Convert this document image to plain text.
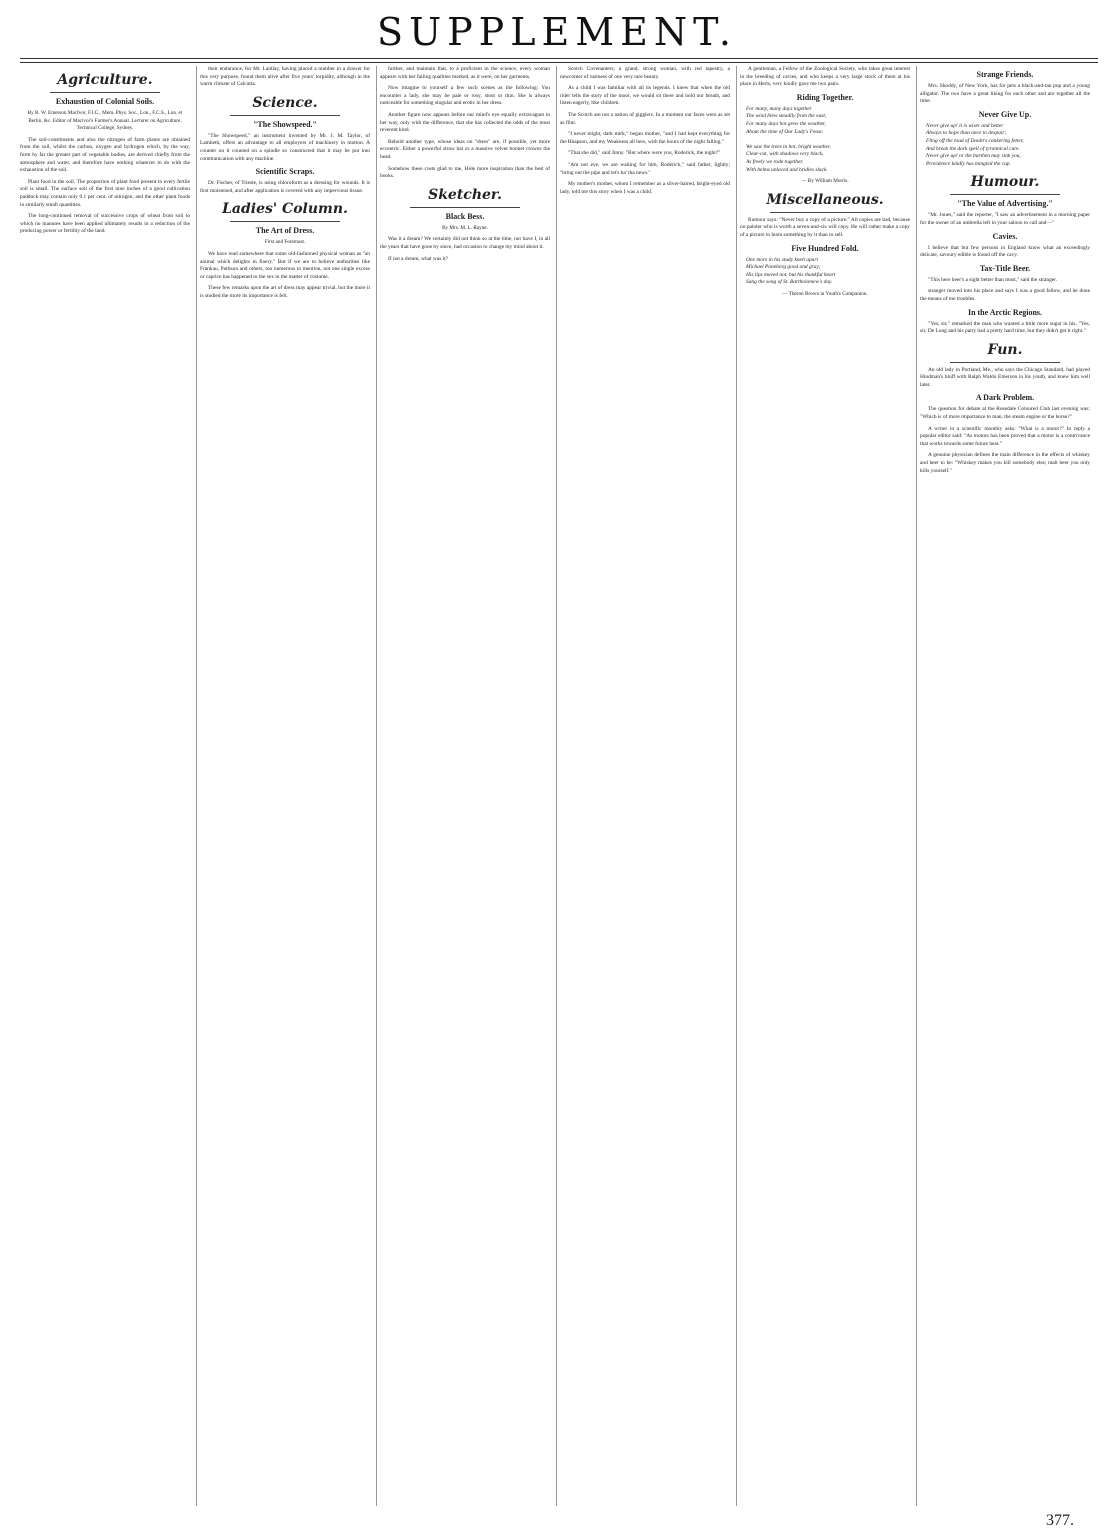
SUPPLEMENT.
Agriculture.
Exhaustion of Colonial Soils.

By R. W. Emerson MacIvor, F.I.C., Mem. Phys. Soc., Lon., F.C.S., Lon. et Berlin, &c. Editor of Macivor's Farmer's Annual. Lecturer on Agriculture, Technical College, Sydney.

The soil-constituents and also the nitrogen of farm plants are obtained from the soil, whilst the carbon, oxygen and hydrogen which, by the way, form by far the greater part of vegetable bodies, are derived chiefly from the atmosphere and water, and therefore have nothing whatever to do with the exhaustion of the soil.

Plant food in the soil. The proportion of plant food present in every fertile soil is small. The surface soil of the first nine inches of a good cultivation paddock may contain only 0.1 per cent. of nitrogen, and the other plant foods in similarly small quantities.

The long-continued removal of successive crops of wheat from soil to which no manures have been applied ultimately results in a reduction of the producing power or fertility of the land.

their endurance, for Mr. Laidlay, having placed a number in a drawer for this very purpose, found them alive after five years' torpidity, although in the warm climate of Calcutta.

Science.
"The Showspeed."

"The Showspeed," an instrument invented by Mr. J. M. Taylor, of Lambeth, offers an advantage to all employers of machinery in motion. A counter on it counted on a spindle so constructed that it may be put into communication with any machine.

Scientific Scraps.

Dr. Fischer, of Trieste, is using chloroform as a dressing for wounds. It is first moistened, and after application is covered with any impervious tissue.

Ladies' Column.
The Art of Dress.

First and Foremost.

We have read somewhere that some old-fashioned physical woman as "an animal which delights in finery." But if we are to believe authorities like Frankau, Pattison and others, too numerous to mention, not one single excess or caprice has happened to the sex in the matter of costume.

These few remarks upon the art of dress may appear trivial, but the more it is studied the more its importance is felt.

further, and maintain that, to a proficient in the science, every woman appears with her failing qualities marked, as it were, on her garments.

Now imagine to yourself a few such scenes as the following: You encounter a lady, she may be pale or rosy, stout or thin. She is always noticeable for something singular and erotic in her dress.

Another figure now appears before our mind's eye equally extravagant in her way, only with the difference, that she has collected the odds of the most reverent kind.

Behold another type, whose ideas on "dress" are, if possible, yet more eccentric. Either a powerful straw hat or a massive velvet bonnet crowns the head.

Somehow these costs glad to me, Hide more inspiration than the best of books.

Sketcher.
Black Bess.

By Mrs. M. L. Rayne.

Was it a dream? We certainly did not think so at the time, nor have I, in all the years that have gone by since, had occasion to change my mind about it.

If not a dream, what was it?

Scotch Covenanters, a grand, strong woman, with red tapestry, a newcomer of rustness of one very rare beauty.

As a child I was familiar with all its legends. I knew that when the old rider tells the story of the moor, we would sit there and hold our breath, and listen eagerly, like children.

The Scotch are not a nation of gigglers. In a moment our faces were as set as flint.

"I never might, dark mirk," began mother, "and I had kept everything for the Rhapson, and my Weakness all hers, with the hours of the night falling."

"That she did," said Jinny. "But where were you, Roderick, the night?"

"Am not eye, we are waiting for him, Roderick," said father, lightly; "bring out the pipe and let's ha' tha news."

My mother's mother, whom I remember as a silver-haired, bright-eyed old lady, told me this story when I was a child.

A gentleman, a Fellow of the Zoological Society, who takes great interest in the breeding of cavies, and who keeps a very large stock of them at his place in Herts, very kindly gave me two pairs.

Riding Together.

For many, many days together
The wind blew steadily from the east;
For many days hot grew the weather,
About the time of Our Lady's Feast.

We saw the trees in hot, bright weather,
Clear-cut, with shadows very black,
As freely we rode together,
With helms unlaced and bridles slack.

— By William Morris.

Miscellaneous.

Rumour says: "Never buy a copy of a picture." All copies are bad, because no painter who is worth a seven-and-six will copy. He will rather make a copy of a picture to learn something by it than to sell.

Five Hundred Fold.

One more in his study knelt apart
Michael Paneborg good and gray;
His lips moved not, but his thankful heart
Sang the song of St. Bartholomew's day.

— Theron Brown in Youth's Companion.

Strange Friends.

Mrs. Shoddy, of New York, has for pets a black-and-tan pup and a young alligator. The two have a great liking for each other and are together all the time.

Never Give Up.

Never give up! it is wiser and better
Always to hope than once to despair;
Fling off the load of Doubt's cankering fetter,
And break the dark spell of tyrannical care.
Never give up! or the burthen may sink you,
Providence kindly has mingled the cup.

Humour.
"The Value of Advertising."

"Mr. Jones," said the reporter, "I saw an advertisement in a morning paper for the owner of an umbrella left in your saloon to call and—"

Cavies.

I believe that but few persons in England know what an exceedingly delicate, savoury edible is found off the cavy.

Tax-Title Beer.

"This here beer's a sight better than most," said the stranger.

stranger moved into his place and says I was a good fellow, and he done the means of me troubles.

In the Arctic Regions.

"Yes, sir," remarked the man who wanted a little more sugar in his. "Yes, sir, De Long and his party had a pretty hard time, but they didn't get it right."

Fun.

An old lady in Portland, Me., who says the Chicago Standard, had played Hindman's bluff with Ralph Waldo Emerson in his youth, and knew him well later.

A Dark Problem.

The question for debate at the Rosedale Coloured Club last evening was: "Which is of more importance to man, the steam engine or the horse?"

A writer in a scientific monthly asks: "What is a motor?" In reply a popular editor said: "As motors has been proved that a motor is a contrivance that works towards some future heat."

A genuine physician defines the main difference in the effects of whiskey and beer to be: "Whiskey makes you kill somebody else; malt beer you only kills yourself."

377.
